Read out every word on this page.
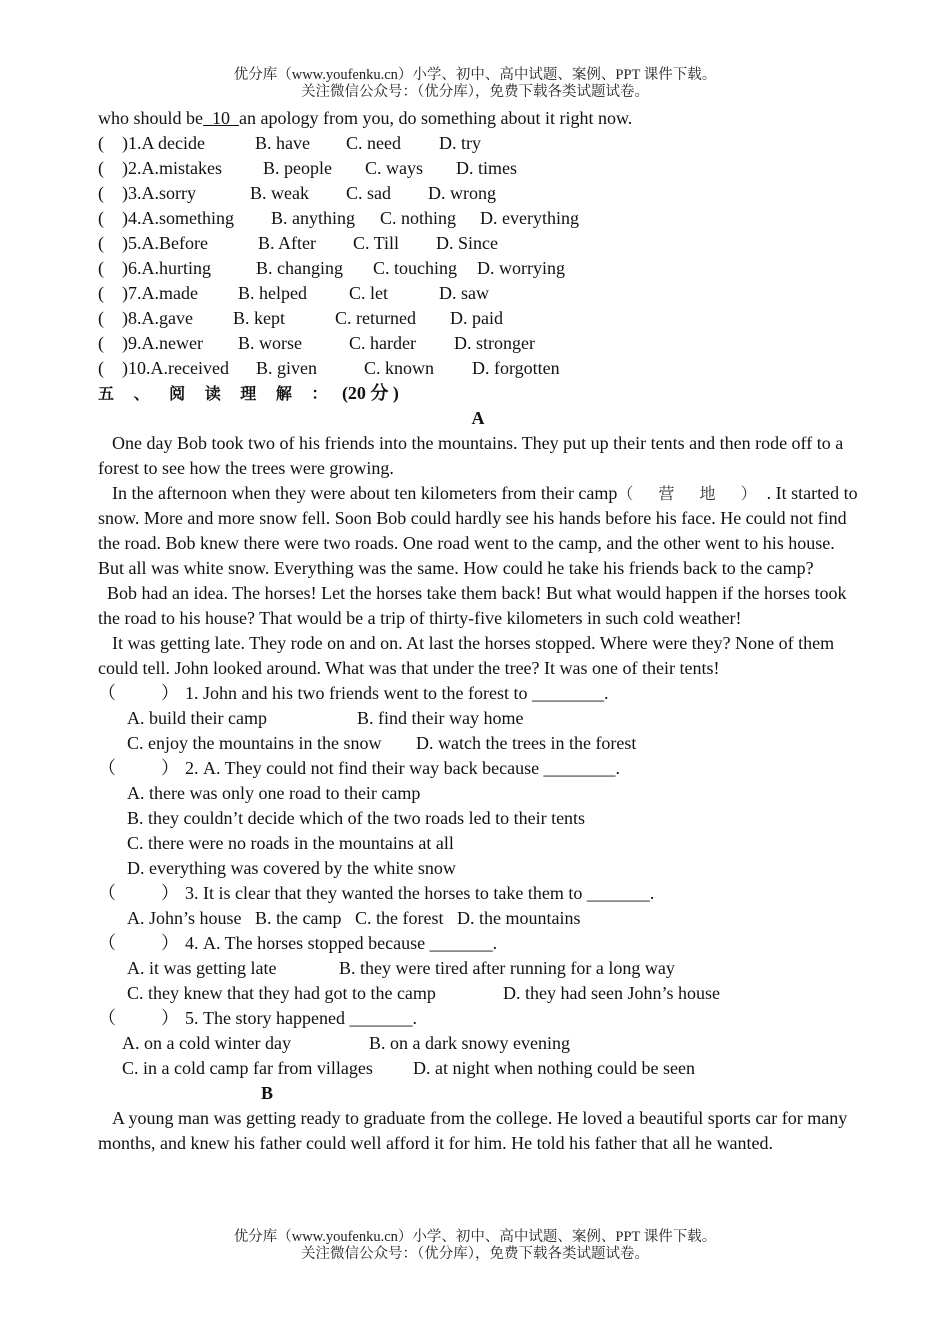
优分库（www.youfenku.cn）小学、初中、高中试题、案例、PPT 课件下载。
关注微信公众号：（优分库），免费下载各类试题试卷。
who should be  10  an apology from you, do something about it right now.
(    )1.A decide	B. have C. need D. try
(    )2.A.mistakes B. people C. ways D. times
(    )3.A.sorry	B. weak C. sad D. wrong
(    )4.A.something B. anything C. nothing D. everything
(    )5.A.Before	B. After C. Till D. Since
(    )6.A.hurting	B. changing C. touching D. worrying
(    )7.A.made B. helped C. let	D. saw
(    )8.A.gave B. kept	C. returned D. paid
(    )9.A.newer B. worse	C. harder D. stronger
(    )10.A.received B. given	C. known D. forgotten
五 、 阅 读 理 解 ： (20 分 )
A
One day Bob took two of his friends into the mountains. They put up their tents and then rode off to a forest to see how the trees were growing.
In the afternoon when they were about ten kilometers from their camp（ 营 地 ）. It started to snow. More and more snow fell. Soon Bob could hardly see his hands before his face. He could not find the road. Bob knew there were two roads. One road went to the camp, and the other went to his house. But all was white snow. Everything was the same. How could he take his friends back to the camp?
Bob had an idea. The horses! Let the horses take them back! But what would happen if the horses took the road to his house? That would be a trip of thirty-five kilometers in such cold weather!
It was getting late. They rode on and on. At last the horses stopped. Where were they? None of them could tell. John looked around. What was that under the tree? It was one of their tents!
（          ） 1. John and his two friends went to the forest to ________.
A. build their camp	B. find their way home
C. enjoy the mountains in the snow D. watch the trees in the forest
（          ） 2. A. They could not find their way back because ________.
A. there was only one road to their camp
B. they couldn’t decide which of the two roads led to their tents
C. there were no roads in the mountains at all
D. everything was covered by the white snow
（          ） 3. It is clear that they wanted the horses to take them to _______.
A. John’s house   B. the camp   C. the forest   D. the mountains
（          ） 4. A. The horses stopped because _______.
A. it was getting late	B. they were tired after running for a long way
C. they knew that they had got to the camp	D. they had seen John’s house
（          ） 5. The story happened _______.
A. on a cold winter day	B. on a dark snowy evening
C. in a cold camp far from villages D. at night when nothing could be seen
B
A young man was getting ready to graduate from the college. He loved a beautiful sports car for many months, and knew his father could well afford it for him. He told his father that all he wanted.
优分库（www.youfenku.cn）小学、初中、高中试题、案例、PPT 课件下载。
关注微信公众号：（优分库），免费下载各类试题试卷。
